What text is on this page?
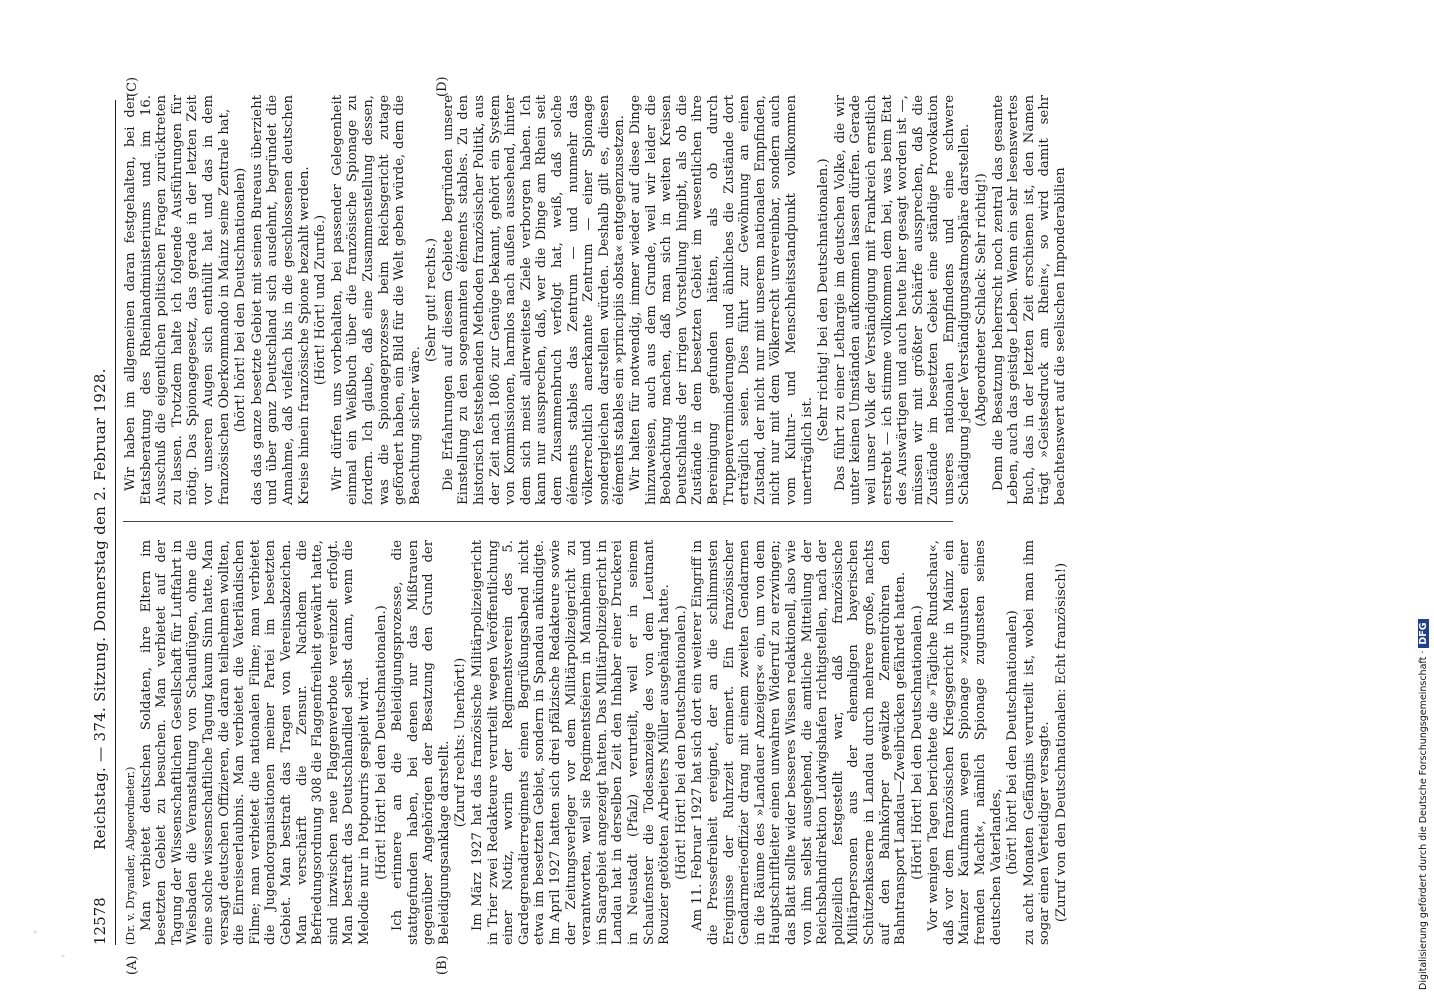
12578
Reichstag. — 374. Sitzung. Donnerstag den 2. Februar 1928.
(A)	(B)
(C)	(D)

(Dr. v. Dryander, Abgeordneter.) Man verbietet deutschen Soldaten, ihre Eltern im besetzten Gebiet zu besuchen. Man verbietet auf der Tagung der Wissenschaftlichen Gesellschaft für Luftfahrt in Wiesbaden die Veranstaltung von Schauflügen, ohne die eine solche wissenschaftliche Tagung kaum Sinn hatte. Man versagt deutschen Offizieren, die daran teilnehmen wollten, die Einreiseerlaubnis. Man verbietet die Vaterländischen Filme; man verbietet die nationalen Filme; man verbietet die Jugendorganisationen meiner Partei im besetzten Gebiet. Man bestraft das Tragen von Vereinsabzeichen. Man verschärft die Zensur. Nachdem die Befriedungsordnung 308 die Flaggenfreiheit gewährt hatte, sind inzwischen neue Flaggenverbote vereinzelt erfolgt. Man bestraft das Deutschlandlied selbst dann, wenn die Melodie nur in Potpourris gespielt wird. (Hört! Hört! bei den Deutschnationalen.) Ich erinnere an die Beleidigungsprozesse, die stattgefunden haben, bei denen nur das Mißtrauen gegenüber Angehörigen der Besatzung den Grund der Beleidigungsanklage darstellt. (Zuruf rechts: Unerhört!) Im März 1927 hat das französische Militärpolizeigericht in Trier zwei Redakteure verurteilt wegen Veröffentlichung einer Notiz, worin der Regimentsverein des 5. Gardegrenadierregiments einen Begrüßungsabend nicht etwa im besetzten Gebiet, sondern in Spandau ankündigte. Im April 1927 hatten sich drei pfälzische Redakteure sowie der Zeitungsverleger vor dem Militärpolizeigericht zu verantworten, weil sie Regimentsfeiern in Mannheim und im Saargebiet angezeigt hatten. Das Militärpolizeigericht in Landau hat in derselben Zeit den Inhaber einer Druckerei in Neustadt (Pfalz) verurteilt, weil er in seinem Schaufenster die Todesanzeige des von dem Leutnant Rouzier getöteten Arbeiters Müller ausgehängt hatte. (Hört! Hört! bei den Deutschnationalen.) Am 11. Februar 1927 hat sich dort ein weiterer Eingriff in die Pressefreiheit ereignet, der an die schlimmsten Ereignisse der Ruhrzeit erinnert. Ein französischer Gendarmerieoffizier drang mit einem zweiten Gendarmen in die Räume des »Landauer Anzeigers« ein, um von dem Hauptschriftleiter einen unwahren Widerruf zu erzwingen; das Blatt sollte wider besseres Wissen redaktionell, also wie von ihm selbst ausgehend, die amtliche Mitteilung der Reichsbahndirektion Ludwigshafen richtigstellen, nach der polizeilich festgestellt war, daß französische Militärpersonen aus der ehemaligen bayerischen Schützenkaserne in Landau durch mehrere große, nachts auf den Bahnkörper gewälzte Zementröhren den Bahntransport Landau—Zweibrücken gefährdet hatten. (Hört! Hört! bei den Deutschnationalen.) Vor wenigen Tagen berichtete die »Tägliche Rundschau«, daß vor dem französischen Kriegsgericht in Mainz ein Mainzer Kaufmann wegen Spionage »zugunsten einer fremden Macht«, nämlich Spionage zugunsten seines deutschen Vaterlandes, (hört! hört! bei den Deutschnationalen) zu acht Monaten Gefängnis verurteilt ist, wobei man ihm sogar einen Verteidiger versagte. (Zuruf von den Deutschnationalen: Echt französisch!)

Wir haben im allgemeinen daran festgehalten, bei der Etatsberatung des Rheinlandministeriums und im 16. Ausschuß die eigentlichen politischen Fragen zurücktreten zu lassen. Trotzdem halte ich folgende Ausführungen für nötig. Das Spionagegesetz, das gerade in der letzten Zeit vor unseren Augen sich enthüllt hat und das in dem französischen Oberkommando in Mainz seine Zentrale hat, (hört! hört! bei den Deutschnationalen) das das ganze besetzte Gebiet mit seinen Bureaus überzieht und über ganz Deutschland sich ausdehnt, begründet die Annahme, daß vielfach bis in die geschlossenen deutschen Kreise hinein französische Spione bezahlt werden. (Hört! Hört! und Zurufe.) Wir dürfen uns vorbehalten, bei passender Gelegenheit einmal ein Weißbuch über die französische Spionage zu fordern. Ich glaube, daß eine Zusammenstellung dessen, was die Spionageprozesse beim Reichsgericht zutage gefördert haben, ein Bild für die Welt geben würde, dem die Beachtung sicher wäre.

(Sehr gut! rechts.) Die Erfahrungen auf diesem Gebiete begründen unsere Einstellung zu den sogenannten éléments stables. Zu den historisch feststehenden Methoden französischer Politik, aus der Zeit nach 1806 zur Genüge bekannt, gehört ein System von Kommissionen, harmlos nach außen aussehend, hinter dem sich meist allerweiteste Ziele verborgen haben. Ich kann nur aussprechen, daß, wer die Dinge am Rhein seit dem Zusammenbruch verfolgt hat, weiß, daß solche éléments stables das Zentrum — und nunmehr das völkerrechtlich anerkannte Zentrum — einer Spionage sondergleichen darstellen würden. Deshalb gilt es, diesen éléments stables ein »principiis obsta« entgegenzusetzen. Wir halten für notwendig, immer wieder auf diese Dinge hinzuweisen, auch aus dem Grunde, weil wir leider die Beobachtung machen, daß man sich in weiten Kreisen Deutschlands der irrigen Vorstellung hingibt, als ob die Zustände in dem besetzten Gebiet im wesentlichen ihre Bereinigung gefunden hätten, als ob durch Truppenverminderungen und ähnliches die Zustände dort erträglich seien. Dies führt zur Gewöhnung an einen Zustand, der nicht nur mit unserem nationalen Empfinden, nicht nur mit dem Völkerrecht unvereinbar, sondern auch vom Kultur- und Menschheitsstandpunkt vollkommen unerträglich ist.

(Sehr richtig! bei den Deutschnationalen.) Das führt zu einer Lethargie im deutschen Volke, die wir unter keinen Umständen aufkommen lassen dürfen. Gerade weil unser Volk der Verständigung mit Frankreich ernstlich erstrebt — ich stimme vollkommen dem bei, was beim Etat des Auswärtigen und auch heute hier gesagt worden ist —, müssen wir mit größter Schärfe aussprechen, daß die Zustände im besetzten Gebiet eine ständige Provokation unseres nationalen Empfindens und eine schwere Schädigung jeder Verständigungsatmosphäre darstellen. (Abgeordneter Schlack: Sehr richtig!) Denn die Besatzung beherrscht noch zentral das gesamte Leben, auch das geistige Leben. Wenn ein sehr lesenswertes Buch, das in der letzten Zeit erschienen ist, den Namen trägt »Geistesdruck am Rhein«, so wird damit sehr beachtenswert auf die seelischen Imponderabilien

Digitalisierung gefördert durch die Deutsche Forschungsgemeinschaft ·DFG
